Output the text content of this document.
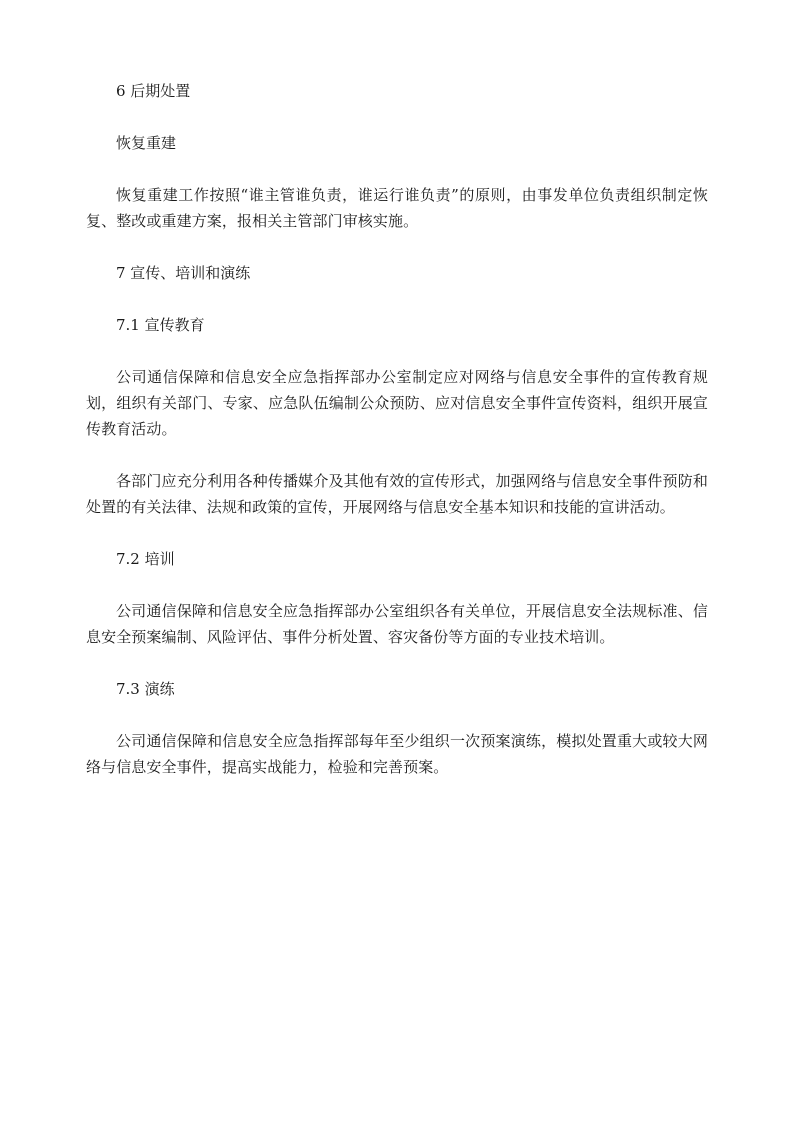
6 后期处置

恢复重建

恢复重建工作按照“谁主管谁负责，谁运行谁负责”的原则，由事发单位负责组织制定恢复、整改或重建方案，报相关主管部门审核实施。

7 宣传、培训和演练

7.1 宣传教育

公司通信保障和信息安全应急指挥部办公室制定应对网络与信息安全事件的宣传教育规划，组织有关部门、专家、应急队伍编制公众预防、应对信息安全事件宣传资料，组织开展宣传教育活动。

各部门应充分利用各种传播媒介及其他有效的宣传形式，加强网络与信息安全事件预防和处置的有关法律、法规和政策的宣传，开展网络与信息安全基本知识和技能的宣讲活动。

7.2 培训

公司通信保障和信息安全应急指挥部办公室组织各有关单位，开展信息安全法规标准、信息安全预案编制、风险评估、事件分析处置、容灾备份等方面的专业技术培训。

7.3 演练

公司通信保障和信息安全应急指挥部每年至少组织一次预案演练，模拟处置重大或较大网络与信息安全事件，提高实战能力，检验和完善预案。
